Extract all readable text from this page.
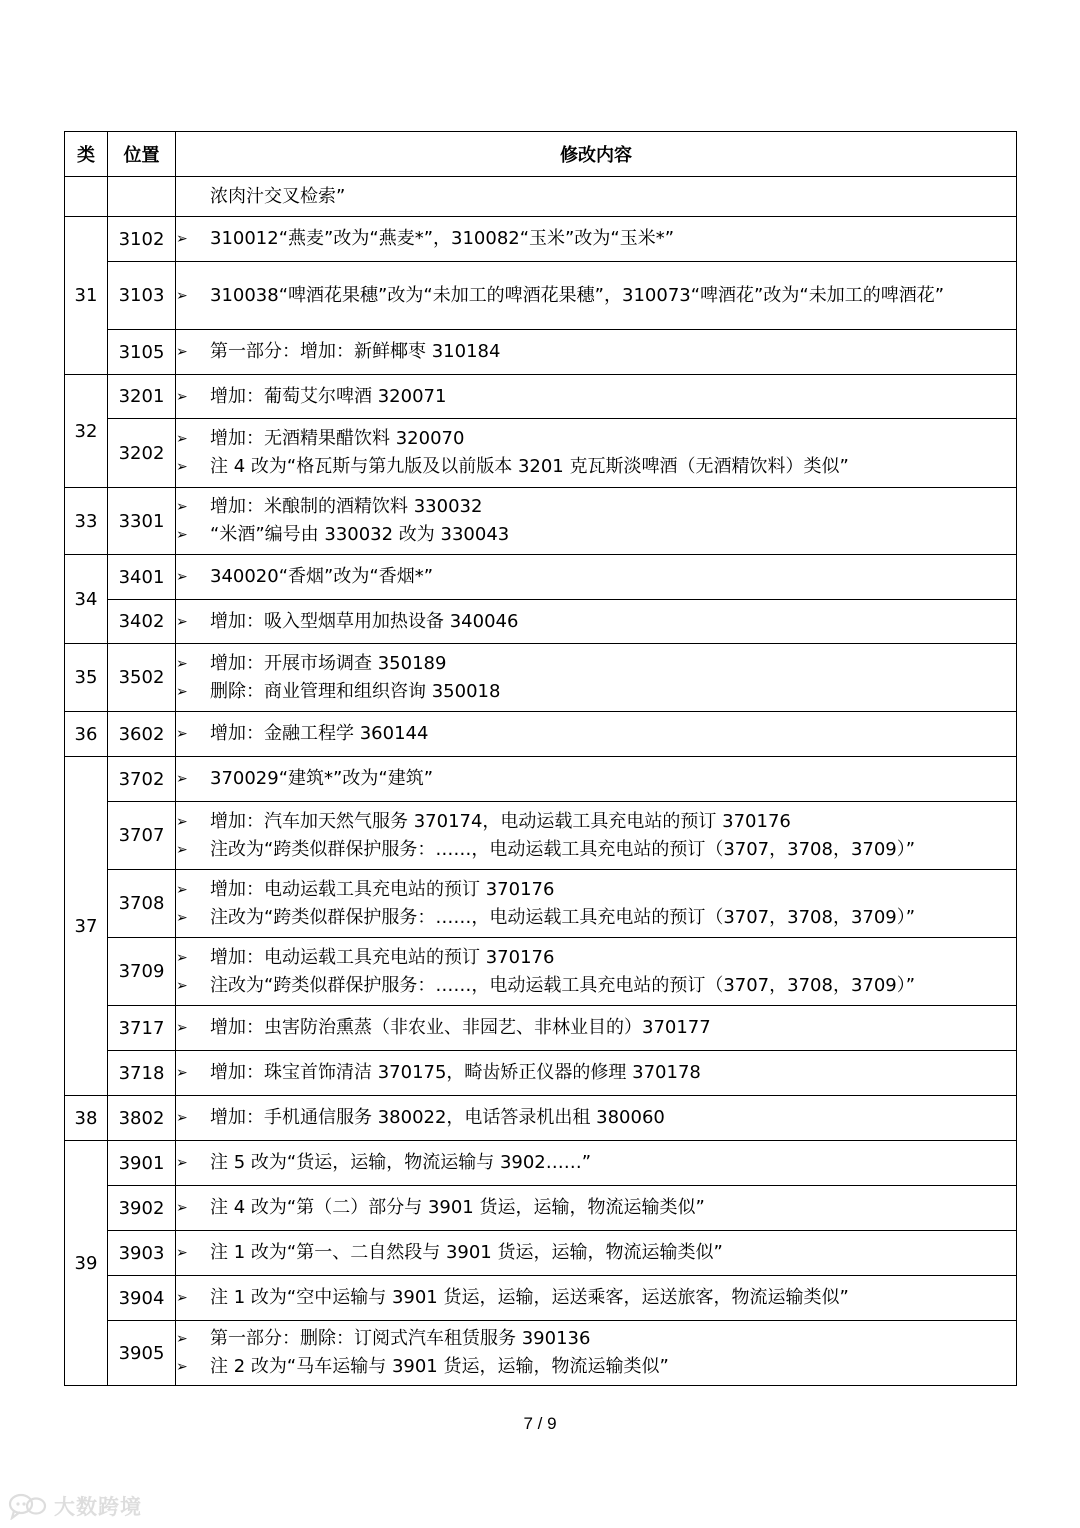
类	位置	修改内容

		浓肉汁交叉检索”

31	3102	➢ 310012“燕麦”改为“燕麦*”，310082“玉米”改为“玉米*”

	3103	➢ 310038“啤酒花果穗”改为“未加工的啤酒花果穗”，310073“啤酒花”改为“未加工的啤酒花”

	3105	➢ 第一部分：增加：新鲜椰枣 310184

32	3201	➢ 增加：葡萄艾尔啤酒 320071

	3202	➢ 增加：无酒精果醋饮料 320070
➢ 注 4 改为“格瓦斯与第九版及以前版本 3201 克瓦斯淡啤酒（无酒精饮料）类似”

33	3301	➢ 增加：米酿制的酒精饮料 330032
➢ “米酒”编号由 330032 改为 330043

34	3401	➢ 340020“香烟”改为“香烟*”

	3402	➢ 增加：吸入型烟草用加热设备 340046

35	3502	➢ 增加：开展市场调查 350189
➢ 删除：商业管理和组织咨询 350018

36	3602	➢ 增加：金融工程学 360144

37	3702	➢ 370029“建筑*”改为“建筑”

	3707	➢ 增加：汽车加天然气服务 370174，电动运载工具充电站的预订 370176
➢ 注改为“跨类似群保护服务：……，电动运载工具充电站的预订（3707，3708，3709）”

	3708	➢ 增加：电动运载工具充电站的预订 370176
➢ 注改为“跨类似群保护服务：……，电动运载工具充电站的预订（3707，3708，3709）”

	3709	➢ 增加：电动运载工具充电站的预订 370176
➢ 注改为“跨类似群保护服务：……，电动运载工具充电站的预订（3707，3708，3709）”

	3717	➢ 增加：虫害防治熏蒸（非农业、非园艺、非林业目的）370177

	3718	➢ 增加：珠宝首饰清洁 370175，畸齿矫正仪器的修理 370178

38	3802	➢ 增加：手机通信服务 380022，电话答录机出租 380060

39	3901	➢ 注 5 改为“货运，运输，物流运输与 3902……”

	3902	➢ 注 4 改为“第（二）部分与 3901 货运，运输，物流运输类似”

	3903	➢ 注 1 改为“第一、二自然段与 3901 货运，运输，物流运输类似”

	3904	➢ 注 1 改为“空中运输与 3901 货运，运输，运送乘客，运送旅客，物流运输类似”

	3905	➢ 第一部分：删除：订阅式汽车租赁服务 390136
➢ 注 2 改为“马车运输与 3901 货运，运输，物流运输类似”
7 / 9
大数跨境
